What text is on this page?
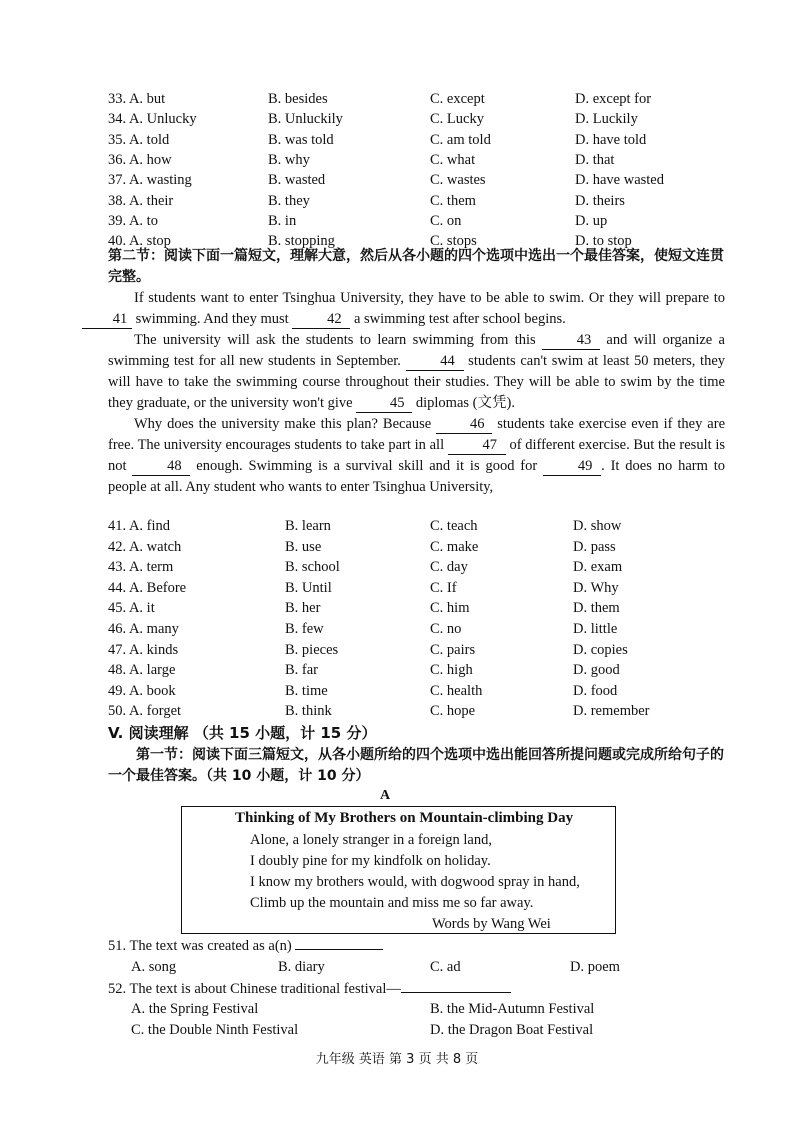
33. A. but	B. besides	C. except	D. except for
34. A. Unlucky	B. Unluckily	C. Lucky	D. Luckily
35. A. told	B. was told	C. am told	D. have told
36. A. how	B. why	C. what	D. that
37. A. wasting	B. wasted	C. wastes	D. have wasted
38. A. their	B. they	C. them	D. theirs
39. A. to	B. in	C. on	D. up
40. A. stop	B. stopping	C. stops	D. to stop
第二节：阅读下面一篇短文，理解大意，然后从各小题的四个选项中选出一个最佳答案，使短文连贯完整。

If students want to enter Tsinghua University, they have to be able to swim. Or they will prepare to 41 swimming. And they must	42 a swimming test after school begins.

The university will ask the students to learn swimming from this	43 and will organize a swimming test for all new students in September.	44 students can't swim at least 50 meters, they will have to take the swimming course throughout their studies. They will be able to swim by the time they graduate, or the university won't give	45 diplomas (文凭).

Why does the university make this plan? Because	46 students take exercise even if they are free. The university encourages students to take part in all	47 of different exercise. But the result is not	48 enough. Swimming is a survival skill and it is good for	49 . It does no harm to people at all. Any student who wants to enter Tsinghua University,

41. A. find	B. learn	C. teach	D. show
42. A. watch	B. use	C. make	D. pass
43. A. term	B. school	C. day	D. exam
44. A. Before	B. Until	C. If	D. Why
45. A. it	B. her	C. him	D. them
46. A. many	B. few	C. no	D. little
47. A. kinds	B. pieces	C. pairs	D. copies
48. A. large	B. far	C. high	D. good
49. A. book	B. time	C. health	D. food
50. A. forget	B. think	C. hope	D. remember
V. 阅读理解 （共 15 小题，计 15 分）
第一节：阅读下面三篇短文，从各小题所给的四个选项中选出能回答所提问题或完成所给句子的一个最佳答案。（共 10 小题，计 10 分）
A
Thinking of My Brothers on Mountain-climbing Day
Alone, a lonely stranger in a foreign land,
I doubly pine for my kindfolk on holiday.
I know my brothers would, with dogwood spray in hand,
Climb up the mountain and miss me so far away.
Words by Wang Wei
51. The text was created as a(n)
A. song	B. diary	C. ad	D. poem
52. The text is about Chinese traditional festival—
A. the Spring Festival	B. the Mid-Autumn Festival
C. the Double Ninth Festival	D. the Dragon Boat Festival
九年级 英语 第 3 页 共 8 页
